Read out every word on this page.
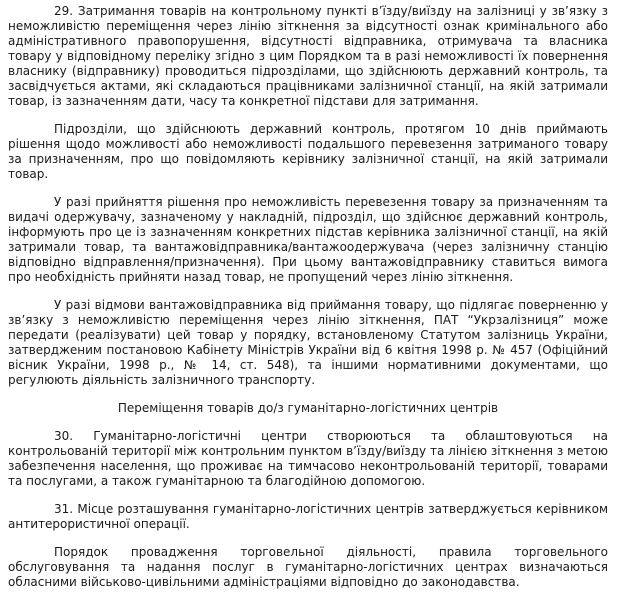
29. Затримання товарів на контрольному пункті в’їзду/виїзду на залізниці у зв’язку з неможливістю переміщення через лінію зіткнення за відсутності ознак кримінального або адміністративного правопорушення, відсутності відправника, отримувача та власника товару у відповідному переліку згідно з цим Порядком та в разі неможливості їх повернення власнику (відправнику) проводиться підрозділами, що здійснюють державний контроль, та засвідчується актами, які складаються працівниками залізничної станції, на якій затримали товар, із зазначенням дати, часу та конкретної підстави для затримання.

Підрозділи, що здійснюють державний контроль, протягом 10 днів приймають рішення щодо можливості або неможливості подальшого перевезення затриманого товару за призначенням, про що повідомляють керівнику залізничної станції, на якій затримали товар.

У разі прийняття рішення про неможливість перевезення товару за призначенням та видачі одержувачу, зазначеному у накладній, підрозділ, що здійснює державний контроль, інформують про це із зазначенням конкретних підстав керівника залізничної станції, на якій затримали товар, та вантажовідправника/вантажоодержувача (через залізничну станцію відповідно відправлення/призначення). При цьому вантажовідправнику ставиться вимога про необхідність прийняти назад товар, не пропущений через лінію зіткнення.

У разі відмови вантажовідправника від приймання товару, що підлягає поверненню у зв’язку з неможливістю переміщення через лінію зіткнення, ПАТ “Укрзалізниця” може передати (реалізувати) цей товар у порядку, встановленому Статутом залізниць України, затвердженим постановою Кабінету Міністрів України від 6 квітня 1998 р. № 457 (Офіційний вісник України, 1998 р., № 14, ст. 548), та іншими нормативними документами, що регулюють діяльність залізничного транспорту.

Переміщення товарів до/з гуманітарно-логістичних центрів

30. Гуманітарно-логістичні центри створюються та облаштовуються на контрольованій території між контрольним пунктом в’їзду/виїзду та лінією зіткнення з метою забезпечення населення, що проживає на тимчасово неконтрольованій території, товарами та послугами, а також гуманітарною та благодійною допомогою.

31. Місце розташування гуманітарно-логістичних центрів затверджується керівником антитерористичної операції.

Порядок провадження торговельної діяльності, правила торговельного обслуговування та надання послуг в гуманітарно-логістичних центрах визначаються обласними військово-цивільними адміністраціями відповідно до законодавства.
